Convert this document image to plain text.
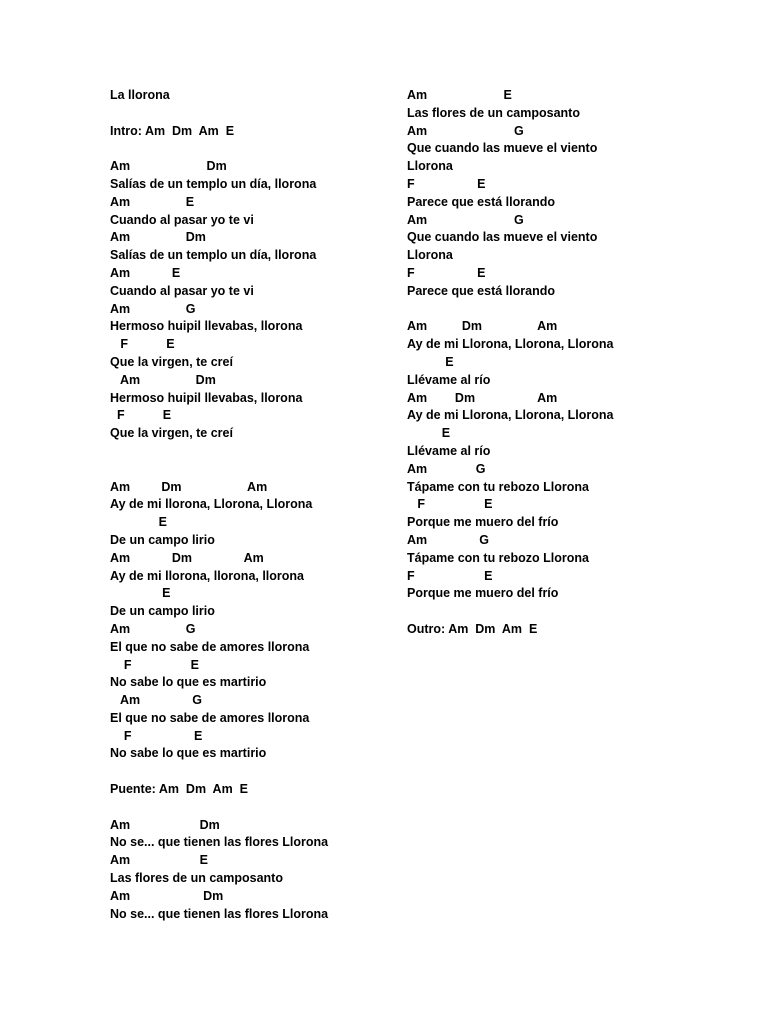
La llorona
Intro: Am  Dm  Am  E
Am                      Dm
Salías de un templo un día, llorona
Am                E
Cuando al pasar yo te vi
Am                Dm
Salías de un templo un día, llorona
Am            E
Cuando al pasar yo te vi
Am                G
Hermoso huipil llevabas, llorona
F           E
Que la virgen, te creí
Am                Dm
Hermoso huipil llevabas, llorona
F           E
Que la virgen, te creí
Am         Dm                   Am
Ay de mi llorona, Llorona, Llorona
E
De un campo lirio
Am            Dm               Am
Ay de mi llorona, llorona, llorona
E
De un campo lirio
Am                G
El que no sabe de amores llorona
F                 E
No sabe lo que es martirio
Am               G
El que no sabe de amores llorona
F                  E
No sabe lo que es martirio
Puente: Am  Dm  Am  E
Am                    Dm
No se... que tienen las flores Llorona
Am                    E
Las flores de un camposanto
Am                     Dm
No se... que tienen las flores Llorona
Am                      E
Las flores de un camposanto
Am                         G
Que cuando las mueve el viento
Llorona
F                  E
Parece que está llorando
Am                         G
Que cuando las mueve el viento
Llorona
F                  E
Parece que está llorando
Am          Dm                Am
Ay de mi Llorona, Llorona, Llorona
E
Llévame al río
Am        Dm                  Am
Ay de mi Llorona, Llorona, Llorona
E
Llévame al río
Am              G
Tápame con tu rebozo Llorona
F                 E
Porque me muero del frío
Am               G
Tápame con tu rebozo Llorona
F                    E
Porque me muero del frío
Outro: Am  Dm  Am  E
